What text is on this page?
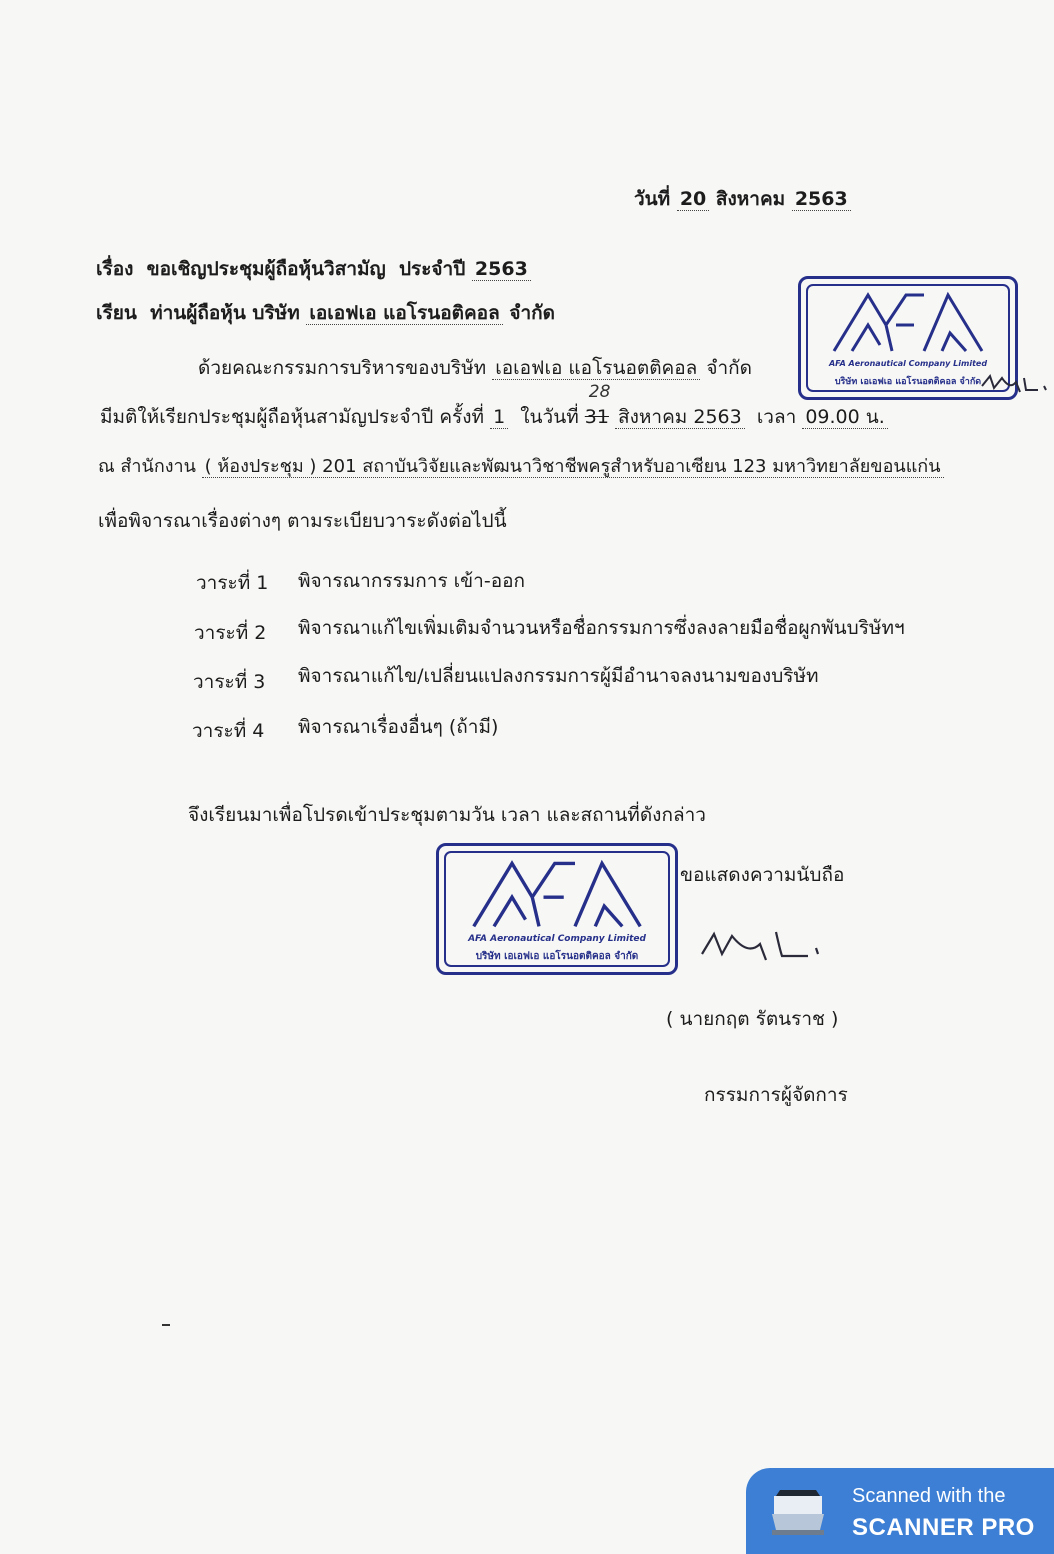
วันที่ 20 สิงหาคม 2563
เรื่อง ขอเชิญประชุมผู้ถือหุ้นวิสามัญ ประจำปี 2563
เรียน ท่านผู้ถือหุ้น บริษัท เอเอฟเอ แอโรนอติคอล จำกัด
ด้วยคณะกรรมการบริหารของบริษัท เอเอฟเอ แอโรนอตติคอล จำกัด
มีมติให้เรียกประชุมผู้ถือหุ้นสามัญประจำปี ครั้งที่ 1 ในวันที่ 31
28
สิงหาคม 2563 เวลา 09.00 น.
ณ สำนักงาน ( ห้องประชุม ) 201 สถาบันวิจัยและพัฒนาวิชาชีพครูสำหรับอาเซียน 123 มหาวิทยาลัยขอนแก่น
เพื่อพิจารณาเรื่องต่างๆ ตามระเบียบวาระดังต่อไปนี้
วาระที่ 1 พิจารณากรรมการ เข้า-ออก
วาระที่ 2 พิจารณาแก้ไขเพิ่มเติมจำนวนหรือชื่อกรรมการซึ่งลงลายมือชื่อผูกพันบริษัทฯ
วาระที่ 3 พิจารณาแก้ไข/เปลี่ยนแปลงกรรมการผู้มีอำนาจลงนามของบริษัท
วาระที่ 4 พิจารณาเรื่องอื่นๆ (ถ้ามี)
จึงเรียนมาเพื่อโปรดเข้าประชุมตามวัน เวลา และสถานที่ดังกล่าว
ขอแสดงความนับถือ
( นายกฤต รัตนราช )
กรรมการผู้จัดการ
AFA Aeronautical Company Limited
บริษัท เอเอฟเอ แอโรนอตติคอล จำกัด
AFA Aeronautical Company Limited
บริษัท เอเอฟเอ แอโรนอตติคอล จำกัด
Scanned with the
SCANNER PRO
